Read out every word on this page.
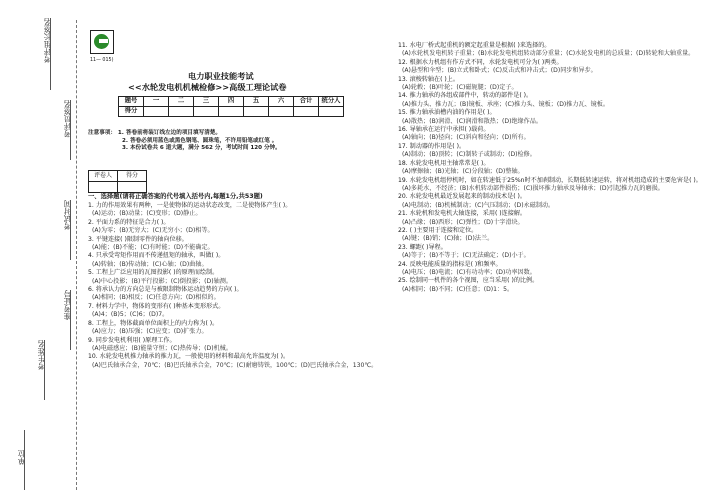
考评组长签名
考评员签名
考试时间
准考证号
考生姓名
单位
11— 015)
电力职业技能考试
<<水轮发电机机械检修>>高级工理论试卷
题号	一	二	三	四	五	六	合计	统分人
得分								
注意事项： 1. 答卷前将装订线左边的项目填写清楚。
2. 答卷必须用蓝色或黑色钢笔、圆珠笔，不许用铅笔或红笔 。
3. 本份试卷共 6 道大题，满分 562 分，考试时间 120 分钟。
评卷人	得分

一、选择题(请将正确答案的代号填入括号内,每题1分,共53题)

1. 力的作用效果有两种，一是使物体的运动状态改变，二是使物体产生( )。

(A)运动；(B)动量；(C)变形；(D)静止。

2. 平面力系的特征是合力( )。

(A)为零；(B)无穷大；(C)无穷小；(D)相等。

3. 平键连接( )限制零件的轴向位移。

(A)能；(B)不能；(C)有时能；(D)不能确定。

4. 只承受弯矩作用而不传递扭矩的轴承，叫做( )。

(A)转轴；(B)传动轴；(C)心轴；(D)曲轴。

5. 工程上广泛应用的瓦图投影( )的原理而绘制。

(A)中心投影；(B)平行投影；(C)倒投影；(D)轴测。

6. 将承认力的方向总是与被限制物体运动趋势的方向( )。

(A)相同；(B)相反；(C)任意方向；(D)相似的。

7. 材料力学中，物体的变形有( )种基本变形形式。

(A)4；(B)5；(C)6；(D)7。

8. 工程上，物体截面单位面积上的内力称为( )。

(A)应力；(B)压强；(C)应变；(D)扩张力。

9. 同步发电机利用( )原理工作。

(A)电磁感应；(B)能量守恒；(C)热传导；(D)机械。

10. 水轮发电机推力轴承的推力瓦，一般使用的材料和最高允许温度为( )。

(A)巴氏轴承合金，70℃；(B)巴氏轴承合金，70℃；(C)耐磨铸铁，100℃；(D)巴氏轴承合金，130℃。

11. 水电厂桥式起重机的额定起重量是根据( )来选择的。

(A)水轮机发电机转子重量；(B)水轮发电机组转动部分重量；(C)水轮发电机的总质量；(D)转轮和大轴重量。

12. 根据水力机组有作方式不同，水轮发电机可分为( )两类。

(A)悬型和伞型；(B)立式和卧式；(C)反击式和冲击式；(D)同步和异步。

13. 滚梭转轴在( )上。

(A)轮毂；(B)叶轮；(C)磁轭腿；(D)定子。

14. 推力轴承的各组成部件中，转动的部件是( )。

(A)推力头、推力瓦；(B)镜板、承座；(C)推力头、镜板；(D)推力瓦、镜板。

15. 推力轴承油槽内油的作用是( )。

(A)散热；(B)润滑、(C)润滑和散热；(D)绝缘作品。

16. 导轴承在运行中承担( )载荷。

(A)轴向；(B)径向；(C)斜向和径向；(D)所有。

17. 制动器的作用是( )。

(A)制动；(B)顶转；(C)制转子或制动；(D)检修。

18. 水轮发电机用主轴常常是( )。

(A)摩擦轴；(B)光轴；(C)分段轴；(D)整轴。

19. 水轮发电机组停机时，如在转速低于25%n时不加刹制动，长期低转速运转，将对机组造成的主要危害是( )。

(A)多耗水，不经济；(B)水机转动部件损伤；(C)损坏推力轴承及导轴承；(D)引起推力瓦的磨损。

20. 水轮发电机最近发展起来的制动技术是( )。

(A)电制动；(B)机械制动；(C)气压制动；(D)永磁制动。

21. 水轮机和发电机大轴连接，采用( )连接解。

(A)凸缘；(B)西形；(C)弹性；(D)十字滑块。

22. ( )主要用于连接和定位。

(A)键；(B)销；(C)轴；(D)法兰。

23. 螺距( )导程。

(A)等于；(B)不等于；(C)无法确定；(D)小于。

24. 反映电能质量的指标是( )和频率。

(A)电压；(B)电流；(C)有功功率；(D)功率因数。

25. 绘制同一机件的各个视图，应当采用( )的比例。

(A)相同；(B)不同；(C)任意；(D)1：5。
